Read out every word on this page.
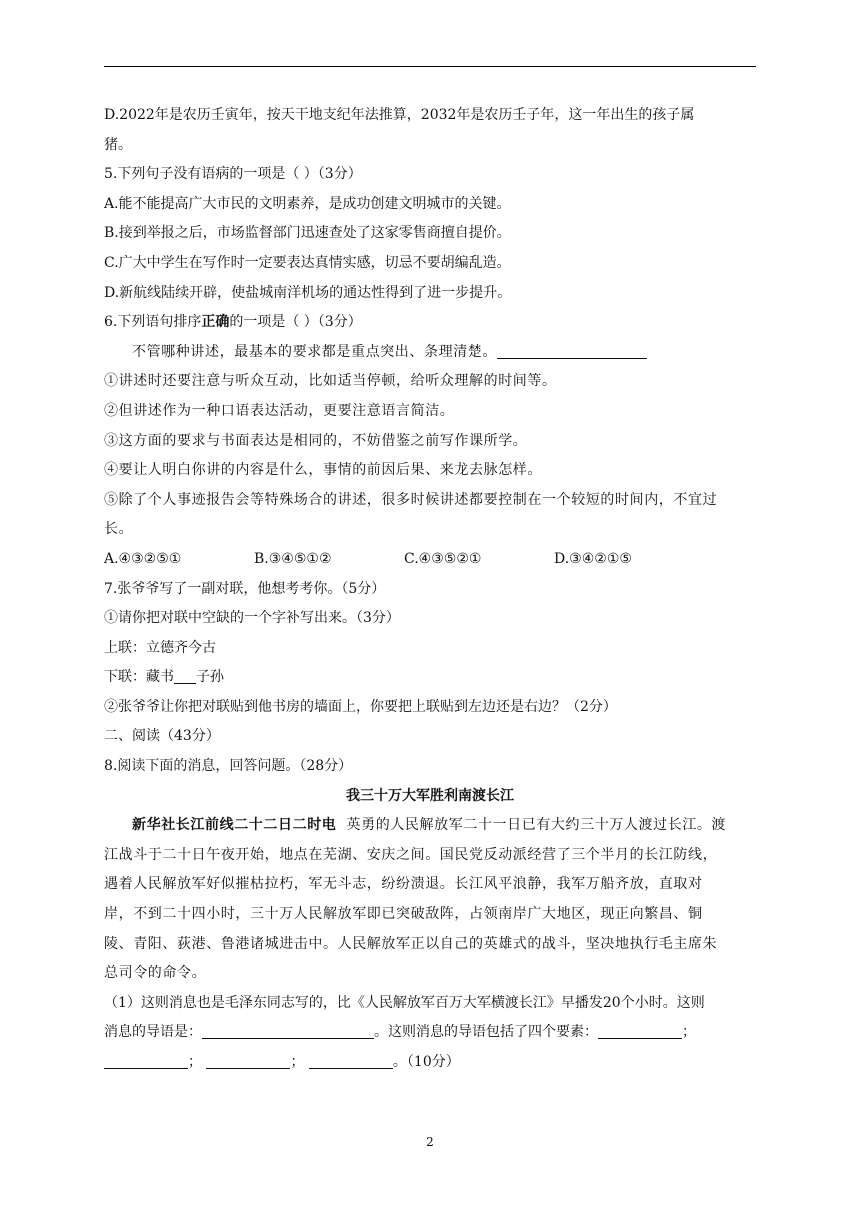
D.2022年是农历壬寅年，按天干地支纪年法推算，2032年是农历壬子年，这一年出生的孩子属
猪。
5.下列句子没有语病的一项是（ ）（3分）
A.能不能提高广大市民的文明素养，是成功创建文明城市的关键。
B.接到举报之后，市场监督部门迅速查处了这家零售商擅自提价。
C.广大中学生在写作时一定要表达真情实感，切忌不要胡编乱造。
D.新航线陆续开辟，使盐城南洋机场的通达性得到了进一步提升。
6.下列语句排序正确的一项是（ ）（3分）
不管哪种讲述，最基本的要求都是重点突出、条理清楚。
①讲述时还要注意与听众互动，比如适当停顿，给听众理解的时间等。
②但讲述作为一种口语表达活动，更要注意语言简洁。
③这方面的要求与书面表达是相同的，不妨借鉴之前写作课所学。
④要让人明白你讲的内容是什么，事情的前因后果、来龙去脉怎样。
⑤除了个人事迹报告会等特殊场合的讲述，很多时候讲述都要控制在一个较短的时间内，不宜过
长。
A.④③②⑤①	B.③④⑤①②	C.④③⑤②①	D.③④②①⑤
7.张爷爷写了一副对联，他想考考你。（5分）
①请你把对联中空缺的一个字补写出来。（3分）
上联：立德齐今古
下联：藏书 子孙
②张爷爷让你把对联贴到他书房的墙面上，你要把上联贴到左边还是右边？（2分）
二、阅读（43分）
8.阅读下面的消息，回答问题。（28分）
我三十万大军胜利南渡长江
新华社长江前线二十二日二时电 英勇的人民解放军二十一日已有大约三十万人渡过长江。渡
江战斗于二十日午夜开始，地点在芜湖、安庆之间。国民党反动派经营了三个半月的长江防线，
遇着人民解放军好似摧枯拉朽，军无斗志，纷纷溃退。长江风平浪静，我军万船齐放，直取对
岸，不到二十四小时，三十万人民解放军即已突破敌阵，占领南岸广大地区，现正向繁昌、铜
陵、青阳、荻港、鲁港诸城进击中。人民解放军正以自己的英雄式的战斗，坚决地执行毛主席朱
总司令的命令。
（1）这则消息也是毛泽东同志写的，比《人民解放军百万大军横渡长江》早播发20个小时。这则
消息的导语是：	。这则消息的导语包括了四个要素：	；
；	；	。（10分）
2
